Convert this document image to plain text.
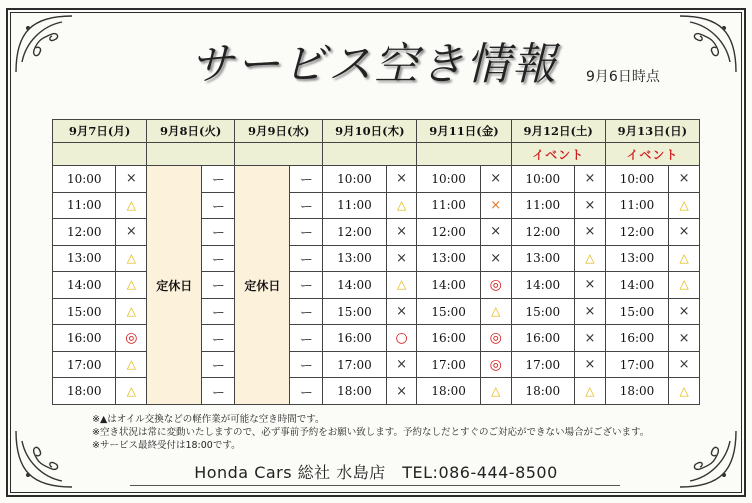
サービス空き情報	9月6日時点
9月7日(月)		9月8日(火)		9月9日(水)		9月10日(木)		9月11日(金)		9月12日(土)		9月13日(日)	
										イベント		イベント	
10:00	×	定休日	ー	定休日	ー	10:00	×	10:00	×	10:00	×	10:00	×
11:00	△		ー		ー	11:00	△	11:00	×	11:00	×	11:00	△
12:00	×		ー		ー	12:00	×	12:00	×	12:00	×	12:00	×
13:00	△		ー		ー	13:00	×	13:00	×	13:00	△	13:00	△
14:00	△		ー		ー	14:00	△	14:00	◎	14:00	×	14:00	△
15:00	△		ー		ー	15:00	×	15:00	△	15:00	×	15:00	×
16:00	◎		ー		ー	16:00	○	16:00	◎	16:00	×	16:00	×
17:00	△		ー		ー	17:00	×	17:00	◎	17:00	×	17:00	×
18:00	△		ー		ー	18:00	×	18:00	△	18:00	△	18:00	△
※▲はオイル交換などの軽作業が可能な空き時間です。
※空き状況は常に変動いたしますので、必ず事前予約をお願い致します。予約なしだとすぐのご対応ができない場合がございます。
※サービス最終受付は18:00です。
Honda Cars 総社 水島店　TEL:086-444-8500
